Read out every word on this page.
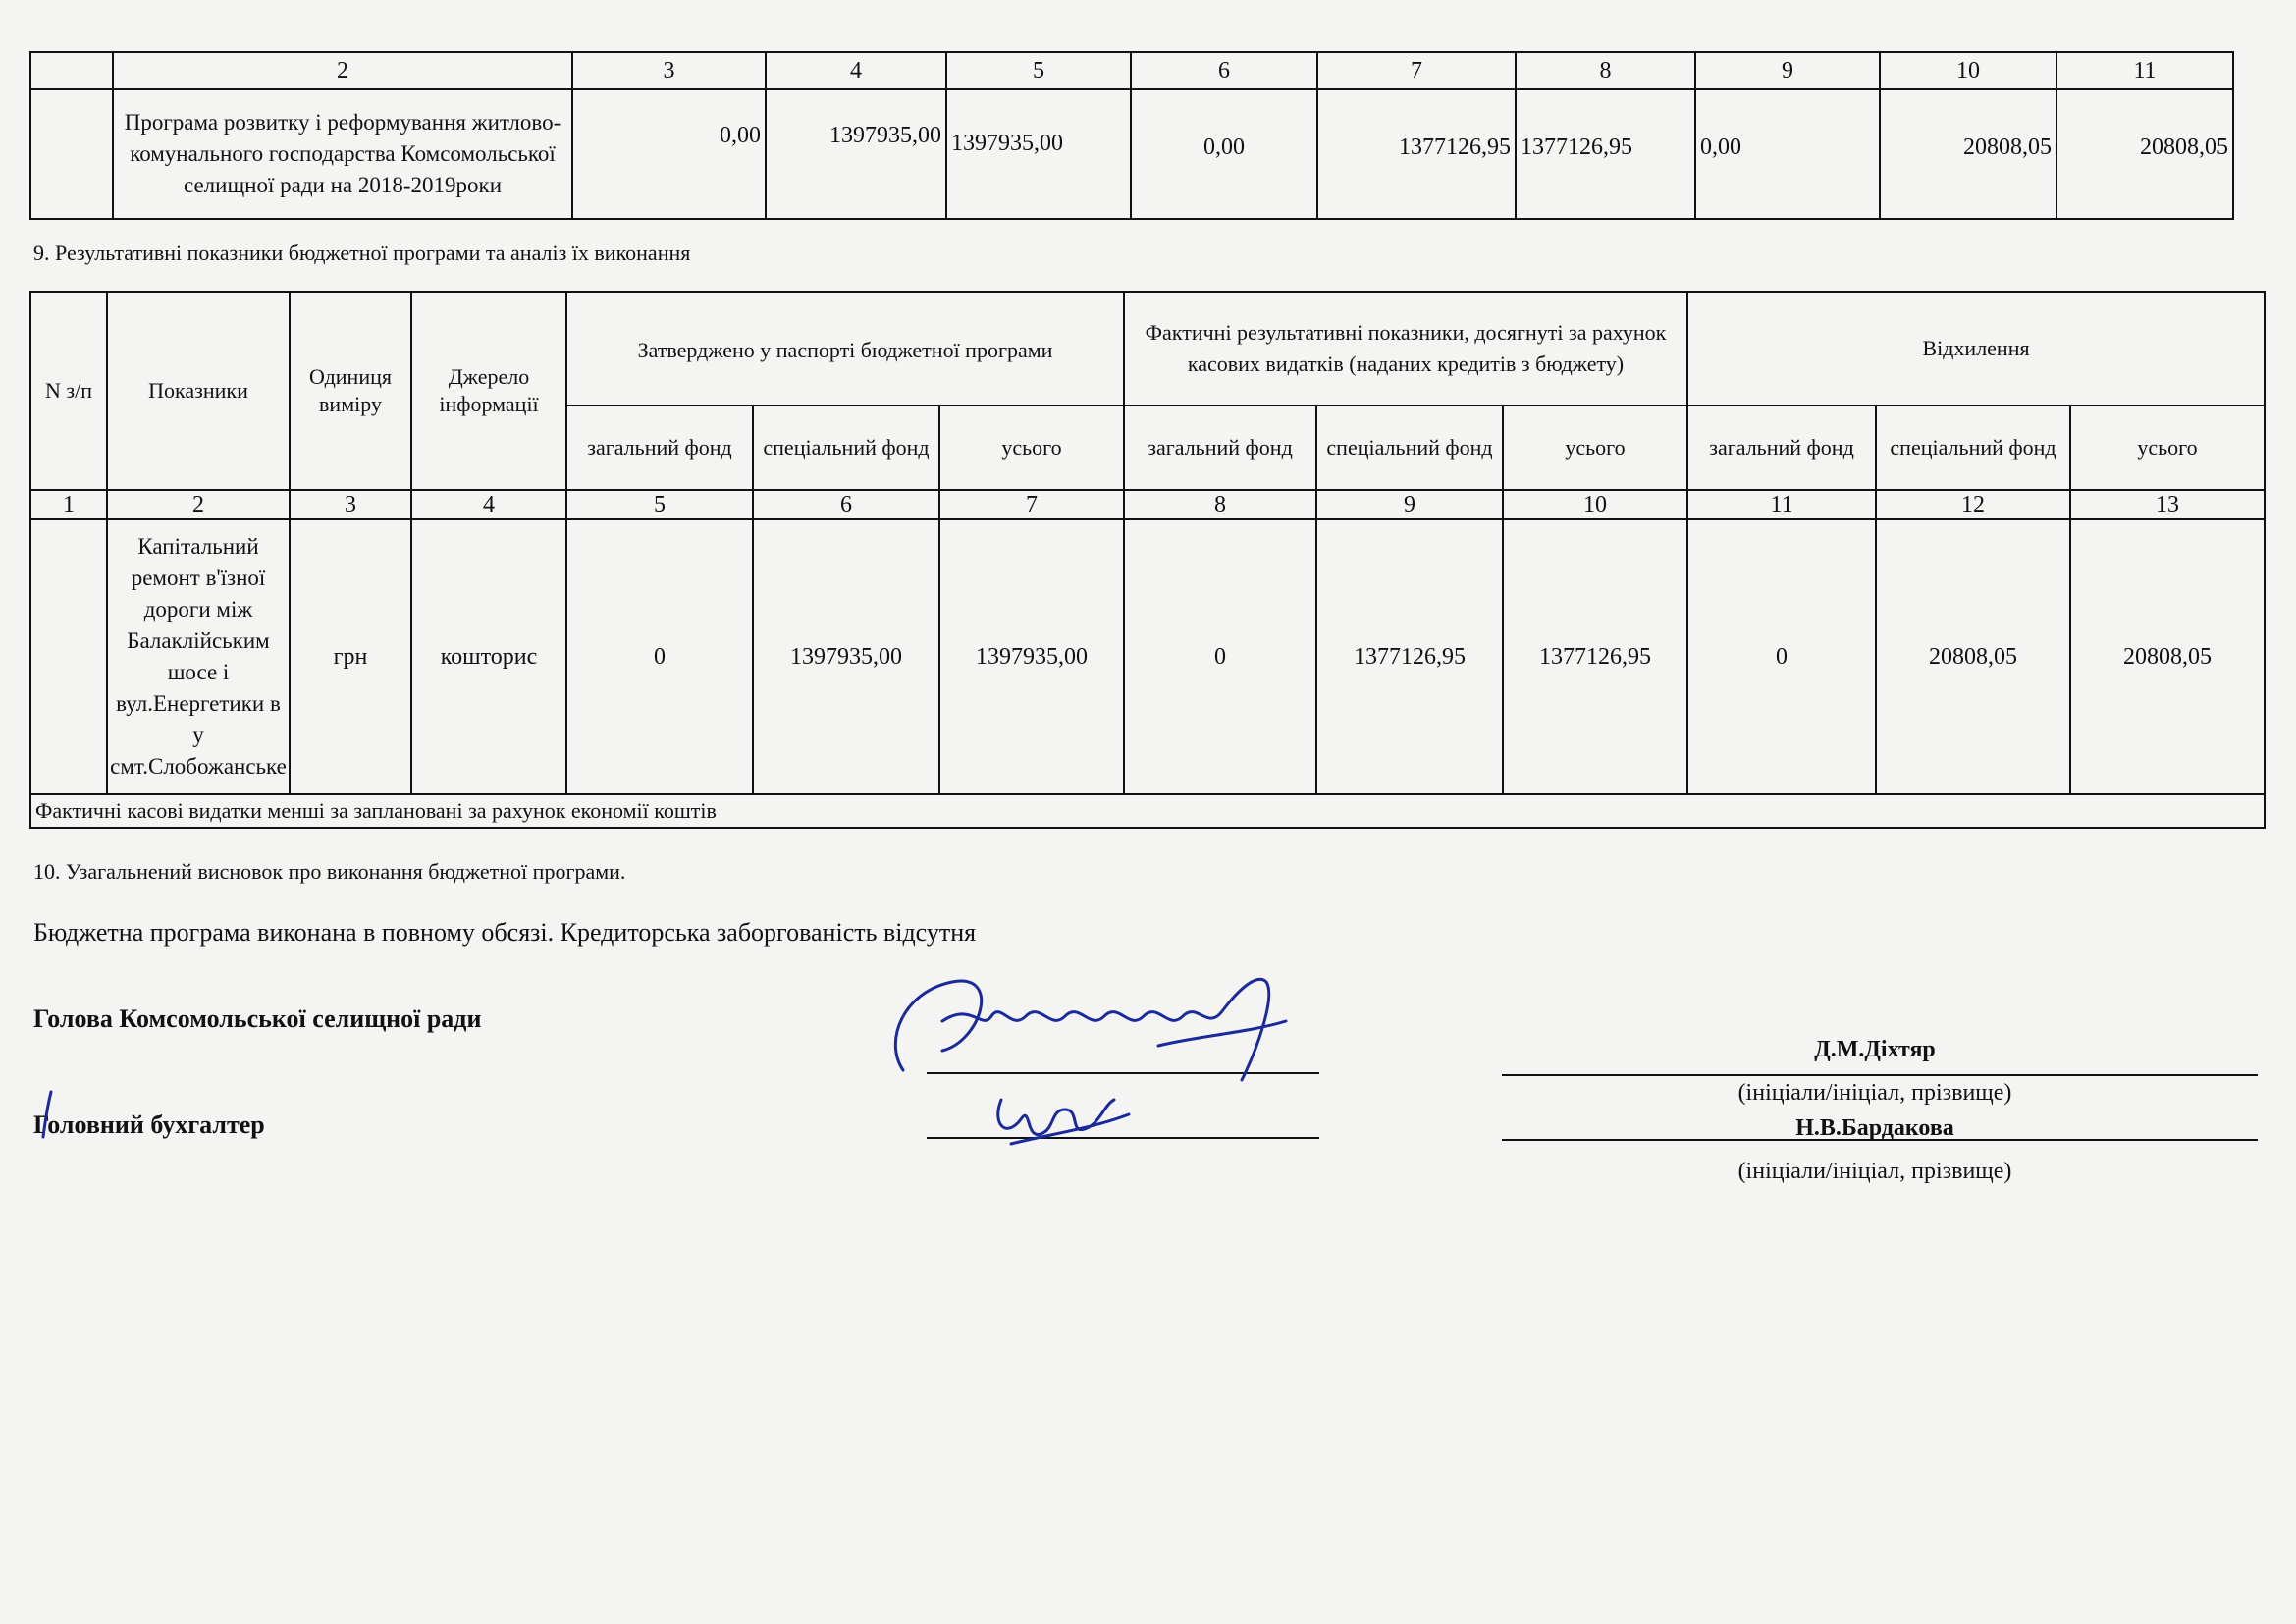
	2	3	4	5	6	7	8	9	10	11
	Програма розвитку і реформування житлово-комунального господарства Комсомольської селищної ради на 2018-2019роки	0,00	1397935,00	1397935,00	0,00	1377126,95	1377126,95	0,00	20808,05	20808,05
9. Результативні показники бюджетної програми та аналіз їх виконання
N з/п	Показники	Одиниця виміру	Джерело інформації	Затверджено у паспорті бюджетної програми			Фактичні результативні показники, досягнуті за рахунок касових видатків (наданих кредитів з бюджету)			Відхилення		
				загальний фонд	спеціальний фонд	усього	загальний фонд	спеціальний фонд	усього	загальний фонд	спеціальний фонд	усього
1	2	3	4	5	6	7	8	9	10	11	12	13
	Капітальний ремонт в'їзної дороги між Балаклійським шосе і вул.Енергетики в у смт.Слобожанське	грн	кошторис	0	1397935,00	1397935,00	0	1377126,95	1377126,95	0	20808,05	20808,05
Фактичні касові видатки менші за заплановані за рахунок економії коштів												
10. Узагальнений висновок про виконання бюджетної програми.
Бюджетна програма виконана в повному обсязі. Кредиторська заборгованість відсутня
Голова Комсомольської селищної ради
Д.М.Діхтяр
(ініціали/ініціал, прізвище)
Головний бухгалтер	Н.В.Бардакова
(ініціали/ініціал, прізвище)
